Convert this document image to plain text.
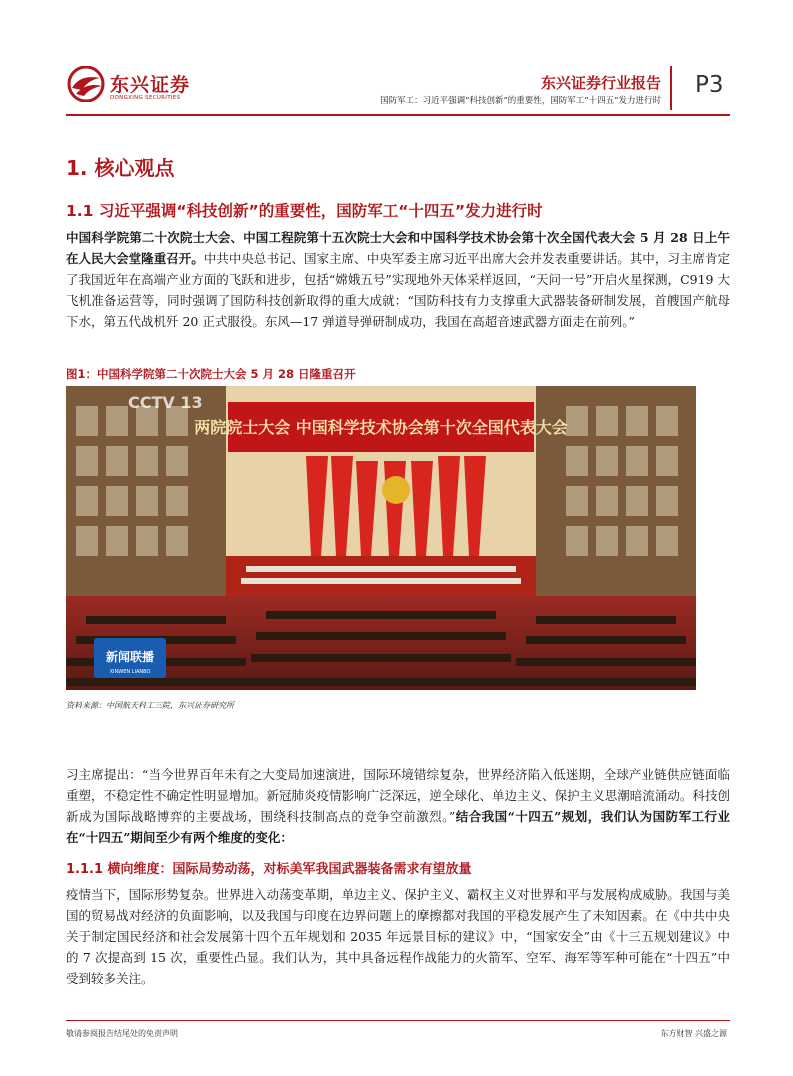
东兴证券
DONGXING SECURITIES
东兴证券行业报告
国防军工：习近平强调“科技创新”的重要性，国防军工“十四五”发力进行时
P3
1. 核心观点
1.1 习近平强调“科技创新”的重要性，国防军工“十四五”发力进行时
中国科学院第二十次院士大会、中国工程院第十五次院士大会和中国科学技术协会第十次全国代表大会 5 月 28 日上午在人民大会堂隆重召开。中共中央总书记、国家主席、中央军委主席习近平出席大会并发表重要讲话。其中，习主席肯定了我国近年在高端产业方面的飞跃和进步，包括“嫦娥五号”实现地外天体采样返回，“天问一号”开启火星探测，C919 大飞机准备运营等，同时强调了国防科技创新取得的重大成就：“国防科技有力支撑重大武器装备研制发展，首艘国产航母下水，第五代战机歼 20 正式服役。东风—17 弹道导弹研制成功，我国在高超音速武器方面走在前列。”
图1：中国科学院第二十次院士大会 5 月 28 日隆重召开
CCTV 13
两院院士大会 中国科学技术协会第十次全国代表大会
新闻联播
XINWEN LIANBO
资料来源：中国航天科工三院，东兴证券研究所
习主席提出：“当今世界百年未有之大变局加速演进，国际环境错综复杂，世界经济陷入低迷期，全球产业链供应链面临重塑，不稳定性不确定性明显增加。新冠肺炎疫情影响广泛深远，逆全球化、单边主义、保护主义思潮暗流涌动。科技创新成为国际战略博弈的主要战场，围绕科技制高点的竞争空前激烈。”结合我国“十四五”规划，我们认为国防军工行业在“十四五”期间至少有两个维度的变化：
1.1.1 横向维度：国际局势动荡，对标美军我国武器装备需求有望放量
疫情当下，国际形势复杂。世界进入动荡变革期，单边主义、保护主义、霸权主义对世界和平与发展构成威胁。我国与美国的贸易战对经济的负面影响，以及我国与印度在边界问题上的摩擦都对我国的平稳发展产生了未知因素。在《中共中央关于制定国民经济和社会发展第十四个五年规划和 2035 年远景目标的建议》中，“国家安全”由《十三五规划建议》中的 7 次提高到 15 次，重要性凸显。我们认为，其中具备远程作战能力的火箭军、空军、海军等军种可能在“十四五”中受到较多关注。
敬请参阅报告结尾处的免责声明	东方财智 兴盛之源
